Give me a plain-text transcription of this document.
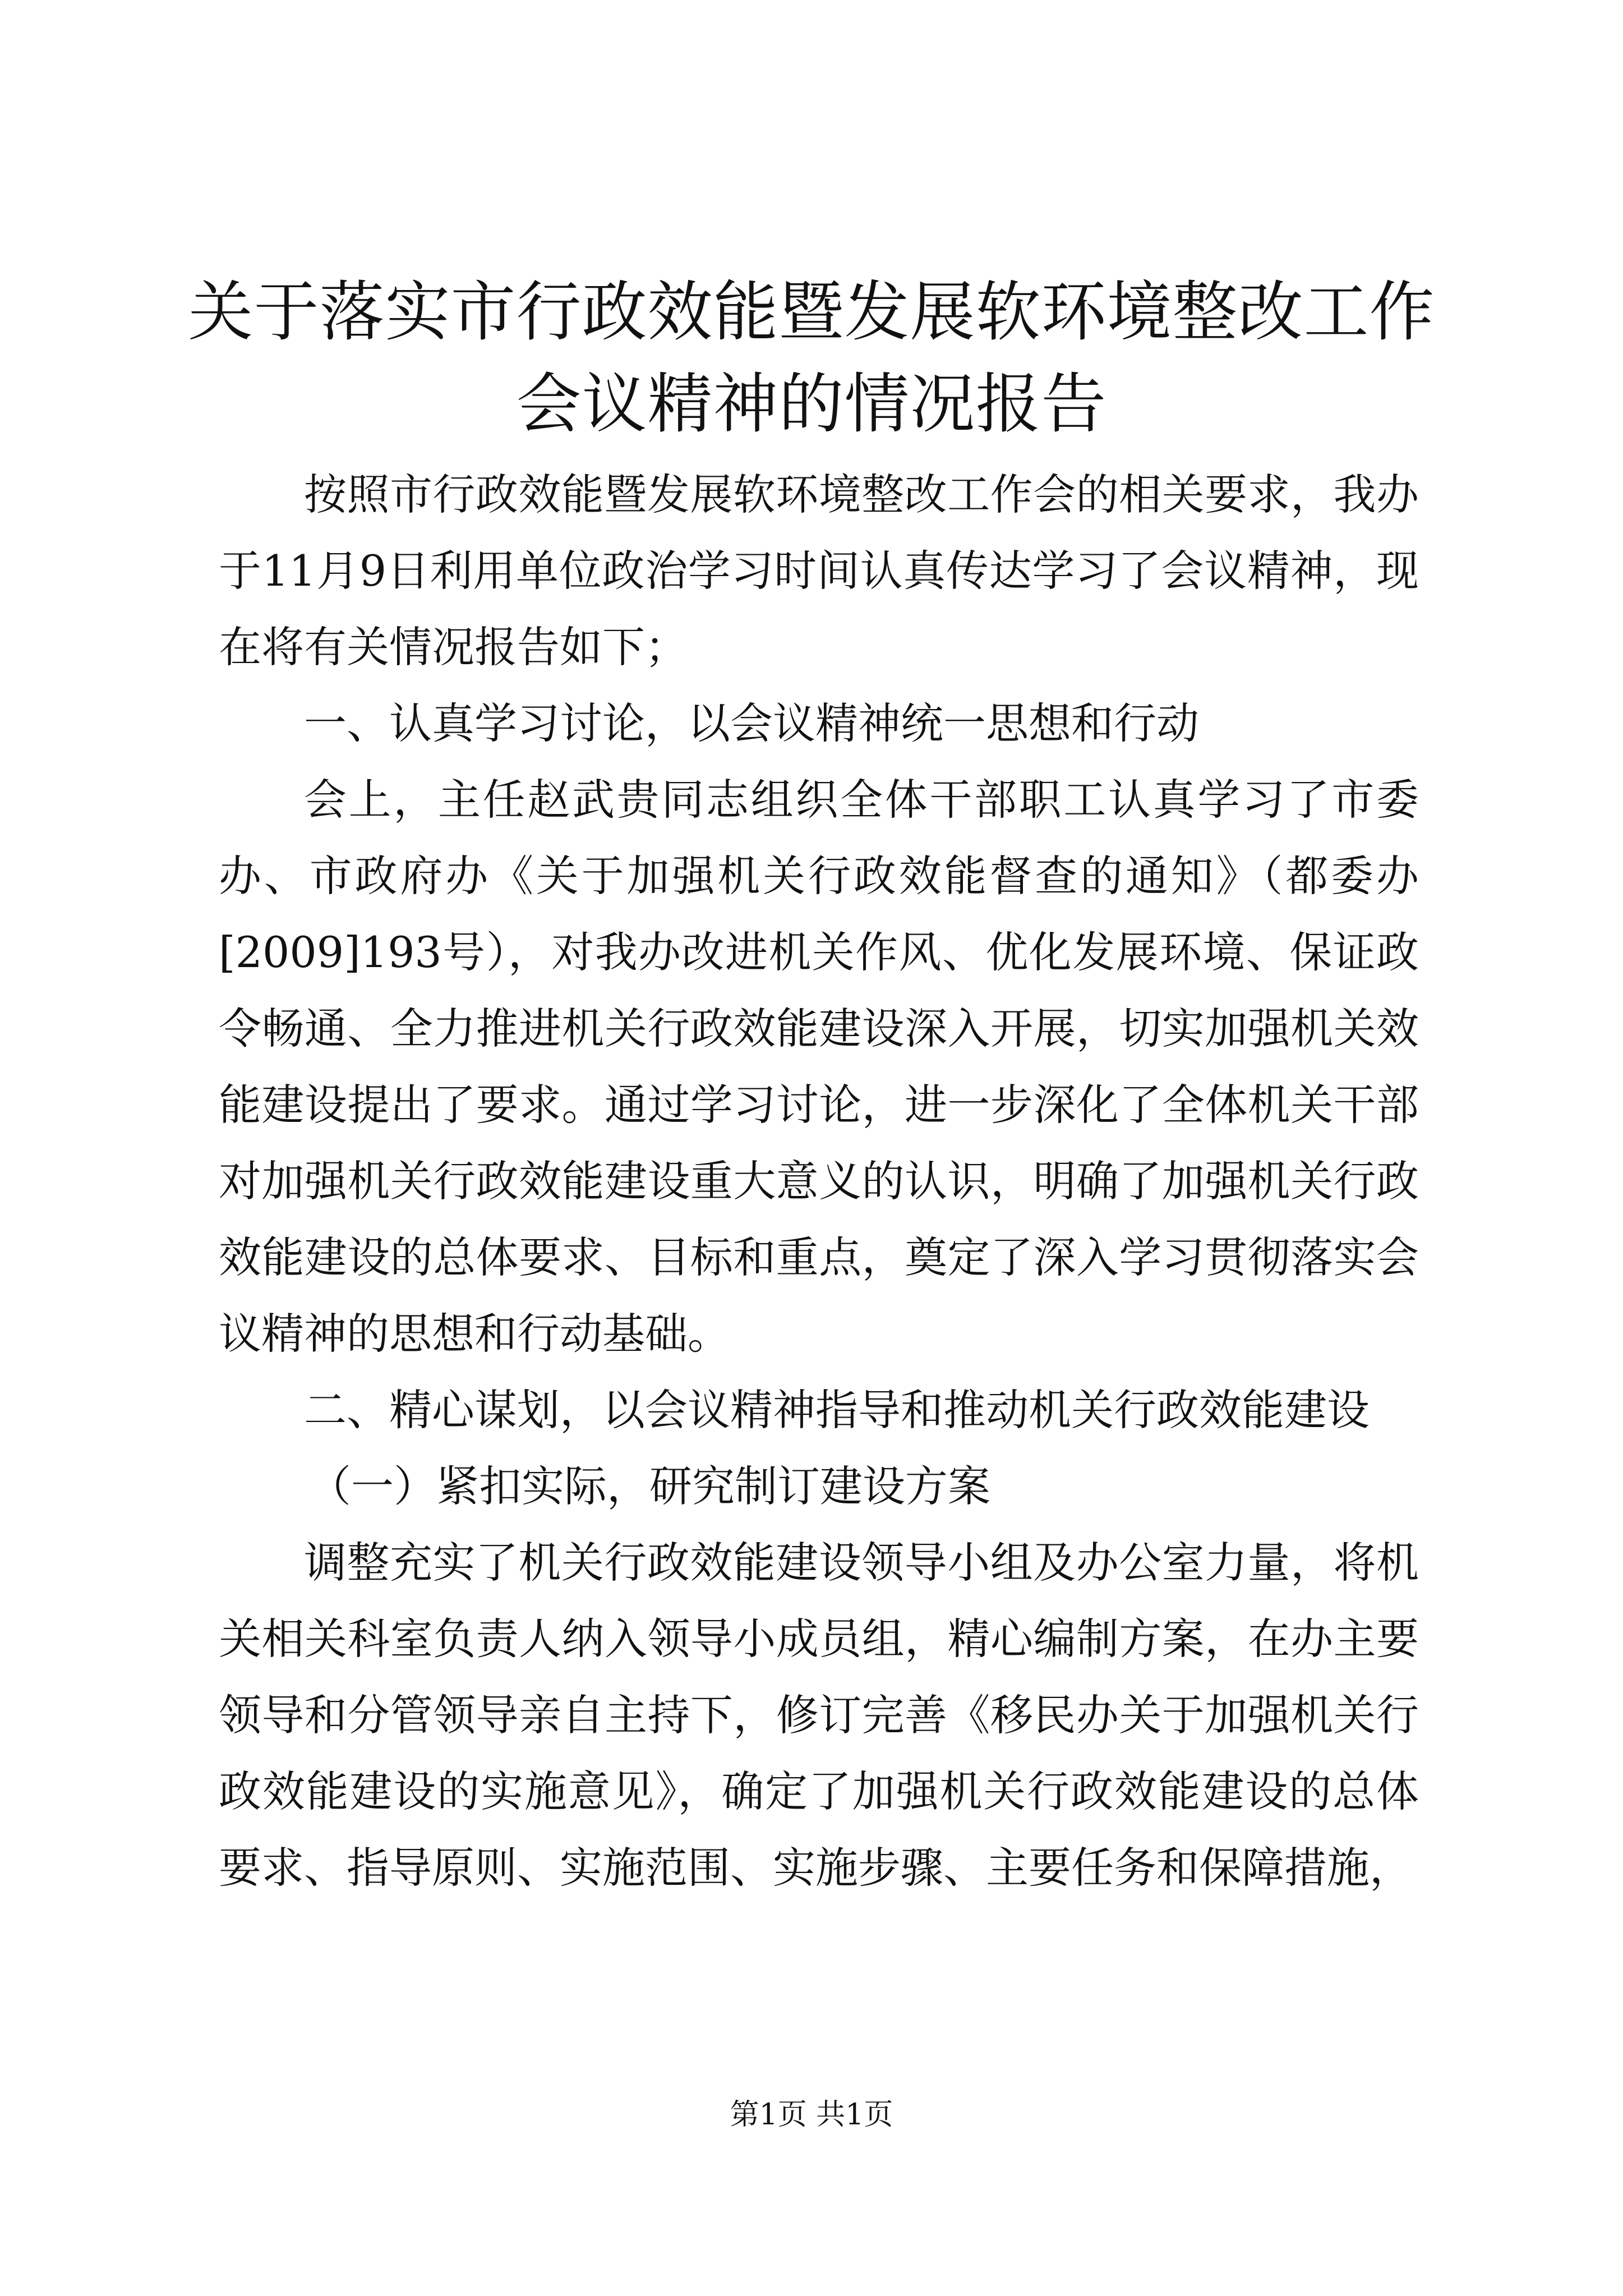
关于落实市行政效能暨发展软环境整改工作会议精神的情况报告

按照市行政效能暨发展软环境整改工作会的相关要求，我办于11月9日利用单位政治学习时间认真传达学习了会议精神，现在将有关情况报告如下；

一、认真学习讨论，以会议精神统一思想和行动

会上，主任赵武贵同志组织全体干部职工认真学习了市委办、市政府办《关于加强机关行政效能督查的通知》（都委办[2009]193号），对我办改进机关作风、优化发展环境、保证政令畅通、全力推进机关行政效能建设深入开展，切实加强机关效能建设提出了要求。通过学习讨论，进一步深化了全体机关干部对加强机关行政效能建设重大意义的认识，明确了加强机关行政效能建设的总体要求、目标和重点，奠定了深入学习贯彻落实会议精神的思想和行动基础。

二、精心谋划，以会议精神指导和推动机关行政效能建设

（一）紧扣实际，研究制订建设方案

调整充实了机关行政效能建设领导小组及办公室力量，将机关相关科室负责人纳入领导小成员组，精心编制方案，在办主要领导和分管领导亲自主持下，修订完善《移民办关于加强机关行政效能建设的实施意见》，确定了加强机关行政效能建设的总体要求、指导原则、实施范围、实施步骤、主要任务和保障措施，

第1页 共1页
